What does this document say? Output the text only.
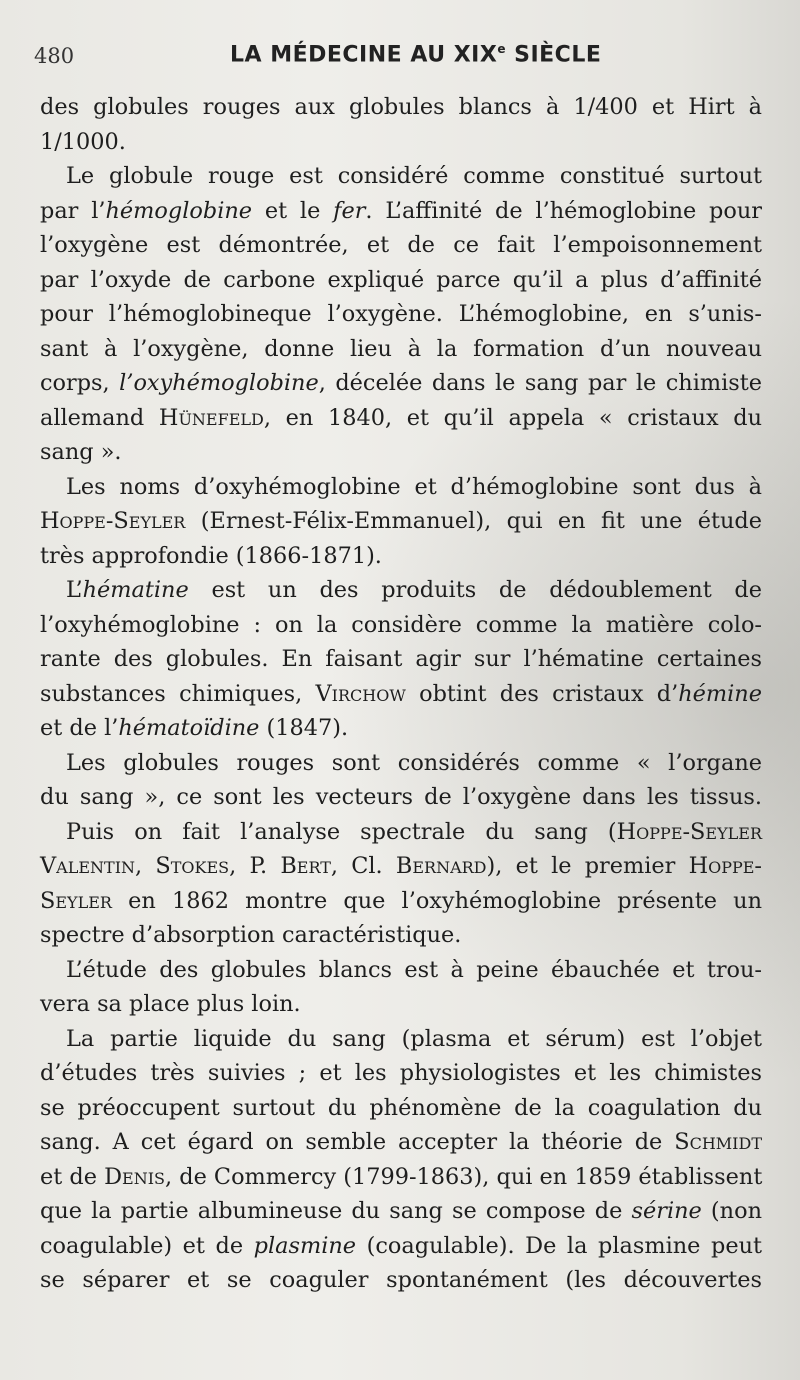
480	LA MÉDECINE AU XIXe SIÈCLE
des globules rouges aux globules blancs à 1/400 et Hirt à
1/1000.
Le globule rouge est considéré comme constitué surtout
par l’hémoglobine et le fer. L’affinité de l’hémoglobine pour
l’oxygène est démontrée, et de ce fait l’empoisonnement
par l’oxyde de carbone expliqué parce qu’il a plus d’affinité
pour l’hémoglobineque l’oxygène. L’hémoglobine, en s’unis-
sant à l’oxygène, donne lieu à la formation d’un nouveau
corps, l’oxyhémoglobine, décelée dans le sang par le chimiste
allemand Hünefeld, en 1840, et qu’il appela « cristaux du
sang ».
Les noms d’oxyhémoglobine et d’hémoglobine sont dus à
Hoppe-Seyler (Ernest-Félix-Emmanuel), qui en fit une étude
très approfondie (1866-1871).
L’hématine est un des produits de dédoublement de
l’oxyhémoglobine : on la considère comme la matière colo-
rante des globules. En faisant agir sur l’hématine certaines
substances chimiques, Virchow obtint des cristaux d’hémine
et de l’hématoïdine (1847).
Les globules rouges sont considérés comme « l’organe
du sang », ce sont les vecteurs de l’oxygène dans les tissus.
Puis on fait l’analyse spectrale du sang (Hoppe-Seyler
Valentin, Stokes, P. Bert, Cl. Bernard), et le premier Hoppe-
Seyler en 1862 montre que l’oxyhémoglobine présente un
spectre d’absorption caractéristique.
L’étude des globules blancs est à peine ébauchée et trou-
vera sa place plus loin.
La partie liquide du sang (plasma et sérum) est l’objet
d’études très suivies ; et les physiologistes et les chimistes
se préoccupent surtout du phénomène de la coagulation du
sang. A cet égard on semble accepter la théorie de Schmidt
et de Denis, de Commercy (1799-1863), qui en 1859 établissent
que la partie albumineuse du sang se compose de sérine (non
coagulable) et de plasmine (coagulable). De la plasmine peut
se séparer et se coaguler spontanément (les découvertes
